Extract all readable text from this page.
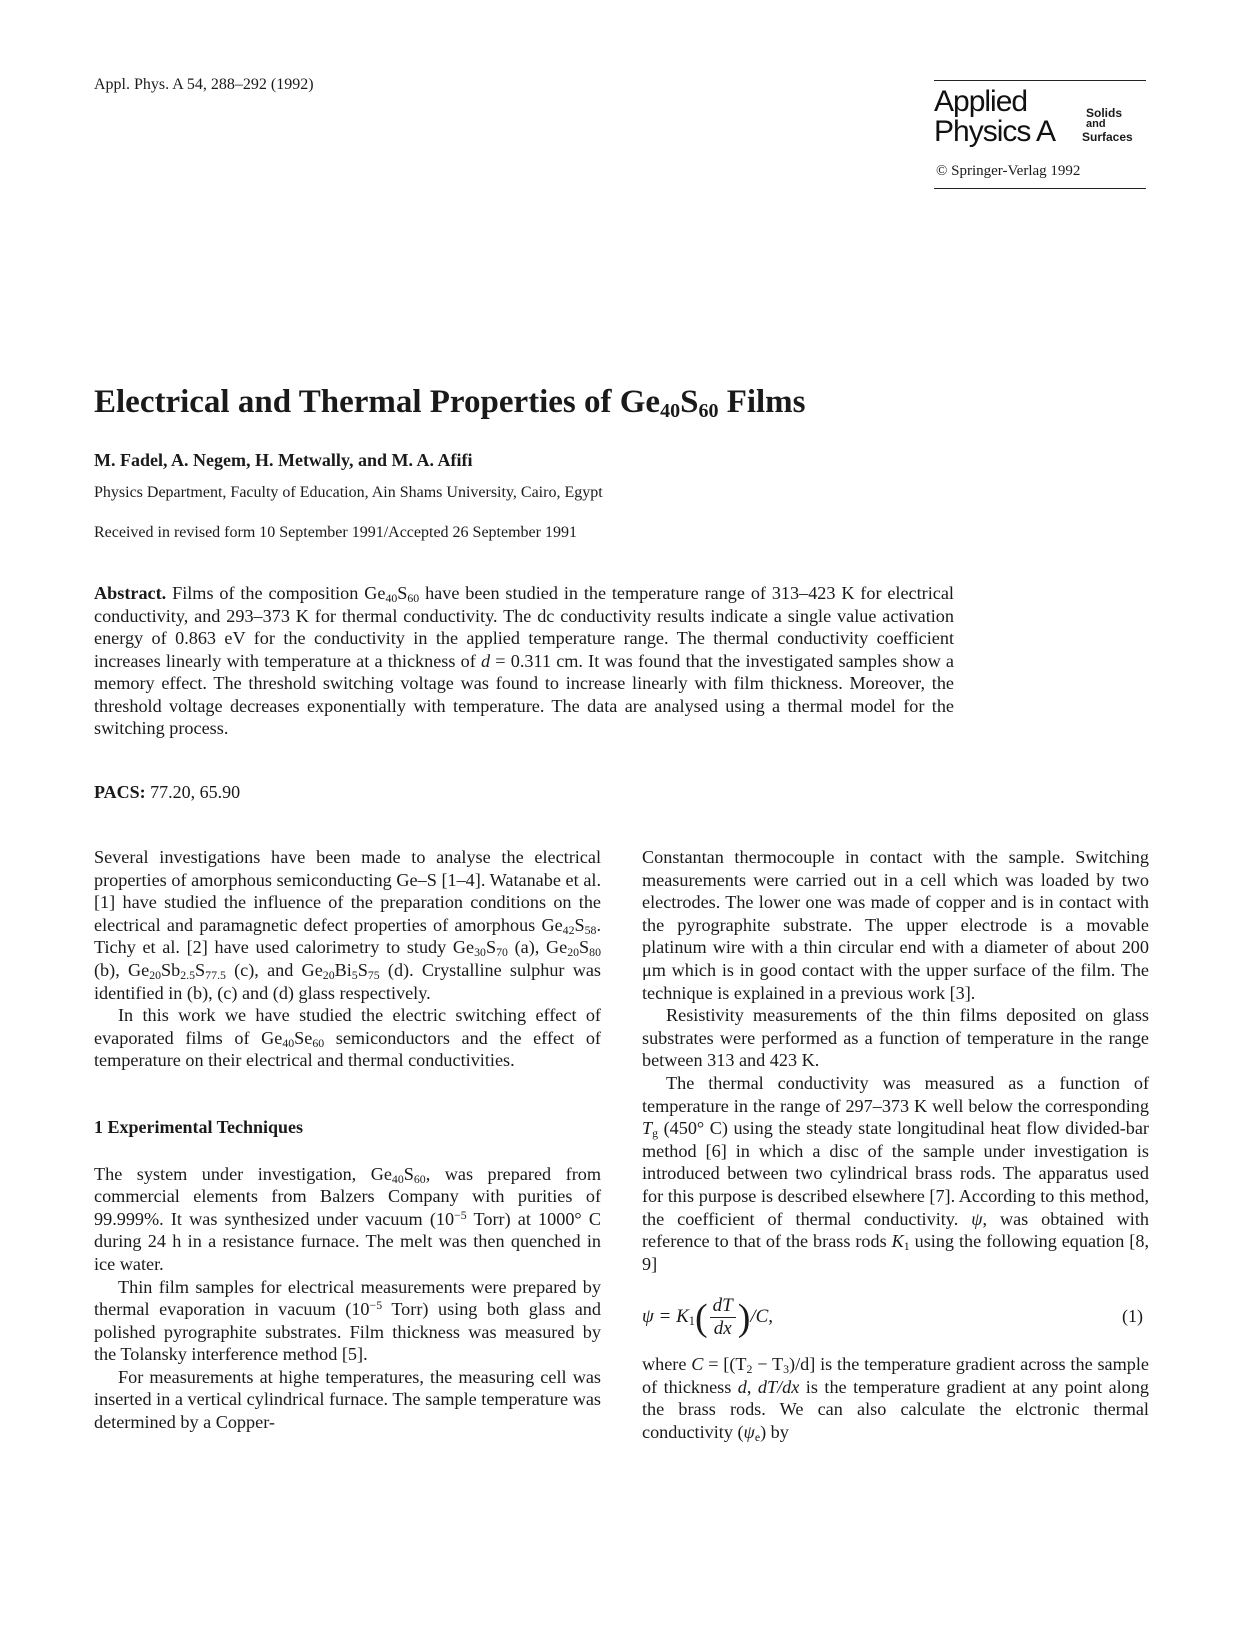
Appl. Phys. A 54, 288–292 (1992)
Applied
Physics A
Solids
and
Surfaces
© Springer-Verlag 1992
Electrical and Thermal Properties of $Ge_{40}S_{60}$ Films
M. Fadel, A. Negem, H. Metwally, and M. A. Afifi
Physics Department, Faculty of Education, Ain Shams University, Cairo, Egypt
Received in revised form 10 September 1991/Accepted 26 September 1991
Abstract. Films of the composition $Ge_{40}S_{60}$ have been studied in the temperature range of 313–423 K for electrical conductivity, and 293–373 K for thermal conductivity. The dc conductivity results indicate a single value activation energy of 0.863 eV for the conductivity in the applied temperature range. The thermal conductivity coefficient increases linearly with temperature at a thickness of d = 0.311 cm. It was found that the investigated samples show a memory effect. The threshold switching voltage was found to increase linearly with film thickness. Moreover, the threshold voltage decreases exponentially with temperature. The data are analysed using a thermal model for the switching process.
PACS: 77.20, 65.90

Several investigations have been made to analyse the electrical properties of amorphous semiconducting Ge–S [1–4]. Watanabe et al. [1] have studied the influence of the preparation conditions on the electrical and paramagnetic defect properties of amorphous $Ge_{42}S_{58}$. Tichy et al. [2] have used calorimetry to study $Ge_{30}S_{70}$ (a), $Ge_{20}S_{80}$ (b), $Ge_{20}Sb_{2.5}S_{77.5}$ (c), and $Ge_{20}Bi_5S_{75}$ (d). Crystalline sulphur was identified in (b), (c) and (d) glass respectively.

In this work we have studied the electric switching effect of evaporated films of $Ge_{40}Se_{60}$ semiconductors and the effect of temperature on their electrical and thermal conductivities.

1 Experimental Techniques

The system under investigation, $Ge_{40}S_{60}$, was prepared from commercial elements from Balzers Company with purities of 99.999%. It was synthesized under vacuum ($10^{-5}$ Torr) at 1000° C during 24 h in a resistance furnace. The melt was then quenched in ice water.

Thin film samples for electrical measurements were prepared by thermal evaporation in vacuum ($10^{-5}$ Torr) using both glass and polished pyrographite substrates. Film thickness was measured by the Tolansky interference method [5].

For measurements at highe temperatures, the measuring cell was inserted in a vertical cylindrical furnace. The sample temperature was determined by a Copper-

Constantan thermocouple in contact with the sample. Switching measurements were carried out in a cell which was loaded by two electrodes. The lower one was made of copper and is in contact with the pyrographite substrate. The upper electrode is a movable platinum wire with a thin circular end with a diameter of about 200 μm which is in good contact with the upper surface of the film. The technique is explained in a previous work [3].

Resistivity measurements of the thin films deposited on glass substrates were performed as a function of temperature in the range between 313 and 423 K.

The thermal conductivity was measured as a function of temperature in the range of 297–373 K well below the corresponding $T_g$ (450° C) using the steady state longitudinal heat flow divided-bar method [6] in which a disc of the sample under investigation is introduced between two cylindrical brass rods. The apparatus used for this purpose is described elsewhere [7]. According to this method, the coefficient of thermal conductivity. ψ, was obtained with reference to that of the brass rods $K_1$ using the following equation [8, 9]

$\psi = K_1( \frac{dT}{dx} )/C$,	(1)

where $C = [(T_2 - T_3)/d]$ is the temperature gradient across the sample of thickness d, dT/dx is the temperature gradient at any point along the brass rods. We can also calculate the elctronic thermal conductivity $(\psi_e)$ by
